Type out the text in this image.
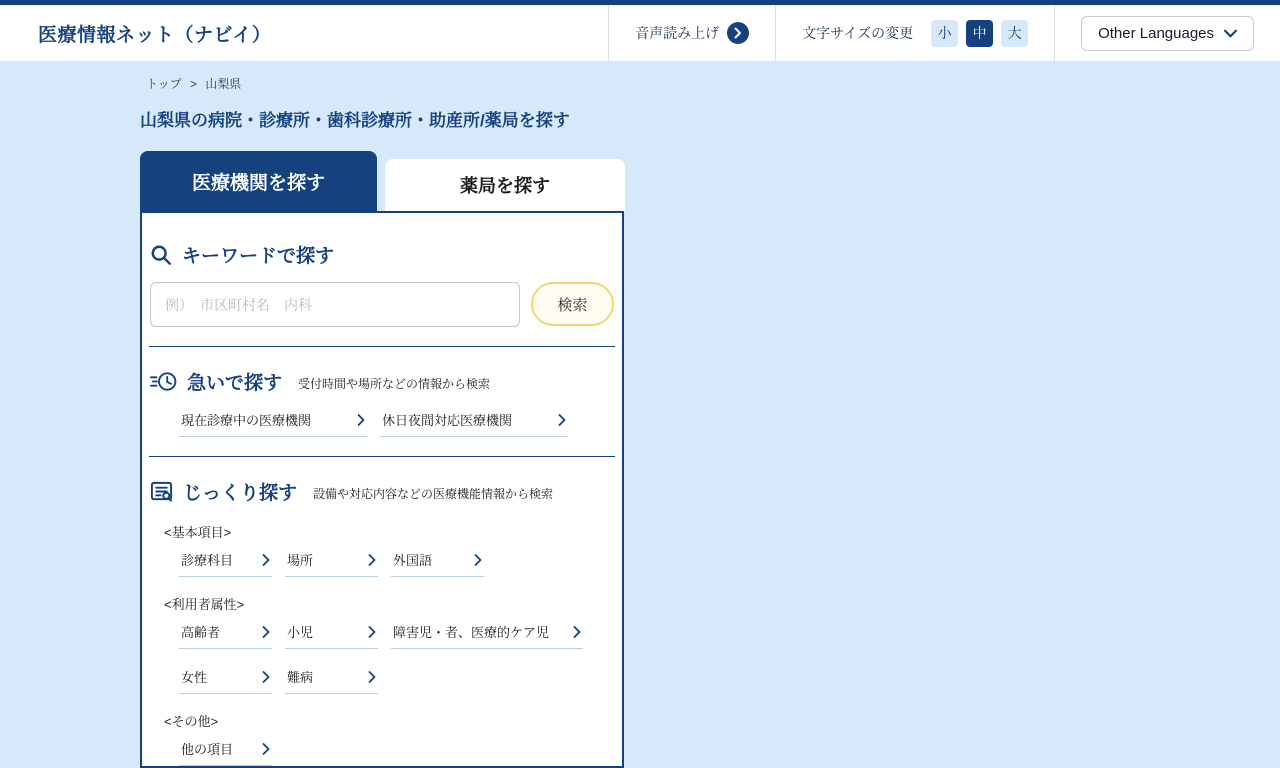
医療情報ネット（ナビイ）	音声読み上げ	文字サイズの変更	小	中	大	Other Languages
トップ > 山梨県
山梨県の病院・診療所・歯科診療所・助産所/薬局を探す
医療機関を探す	薬局を探す
キーワードで探す
例）　市区町村名　内科
検索
急いで探す 受付時間や場所などの情報から検索
現在診療中の医療機関	休日夜間対応医療機関
じっくり探す 設備や対応内容などの医療機能情報から検索
<基本項目>
診療科目	場所	外国語
<利用者属性>
高齢者	小児	障害児・者、医療的ケア児
女性	難病
<その他>
他の項目
